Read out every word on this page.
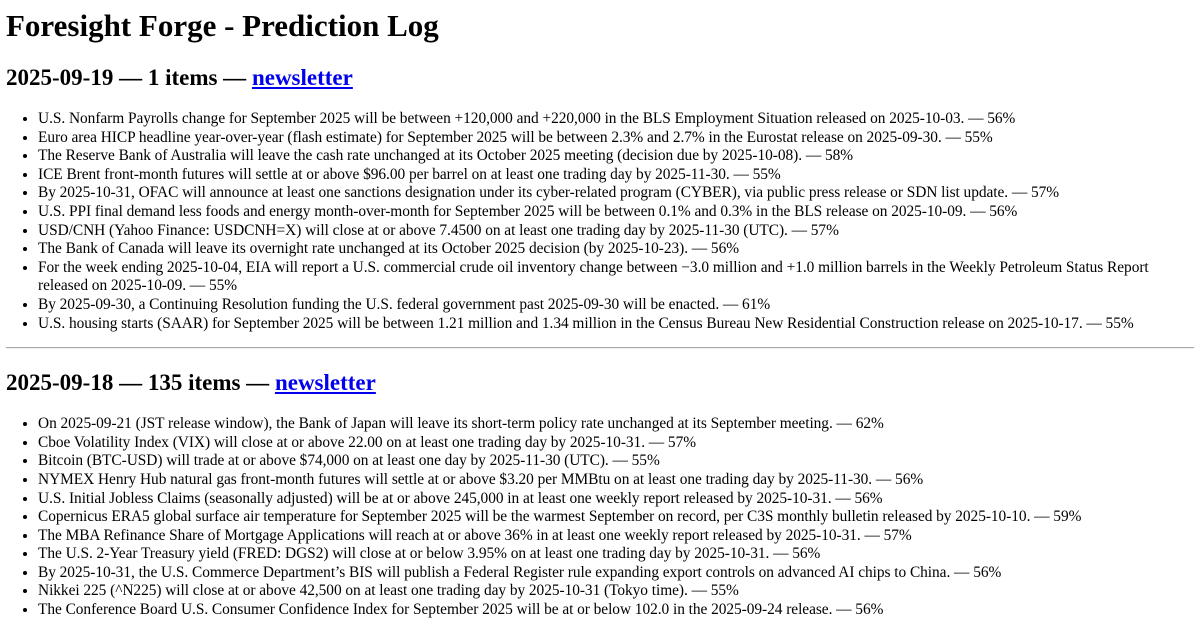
Foresight Forge - Prediction Log
2025-09-19 — 1 items — newsletter
• U.S. Nonfarm Payrolls change for September 2025 will be between +120,000 and +220,000 in the BLS Employment Situation released on 2025-10-03. — 56%
• Euro area HICP headline year-over-year (flash estimate) for September 2025 will be between 2.3% and 2.7% in the Eurostat release on 2025-09-30. — 55%
• The Reserve Bank of Australia will leave the cash rate unchanged at its October 2025 meeting (decision due by 2025-10-08). — 58%
• ICE Brent front-month futures will settle at or above $96.00 per barrel on at least one trading day by 2025-11-30. — 55%
• By 2025-10-31, OFAC will announce at least one sanctions designation under its cyber-related program (CYBER), via public press release or SDN list update. — 57%
• U.S. PPI final demand less foods and energy month-over-month for September 2025 will be between 0.1% and 0.3% in the BLS release on 2025-10-09. — 56%
• USD/CNH (Yahoo Finance: USDCNH=X) will close at or above 7.4500 on at least one trading day by 2025-11-30 (UTC). — 57%
• The Bank of Canada will leave its overnight rate unchanged at its October 2025 decision (by 2025-10-23). — 56%
• For the week ending 2025-10-04, EIA will report a U.S. commercial crude oil inventory change between −3.0 million and +1.0 million barrels in the Weekly Petroleum Status Report released on 2025-10-09. — 55%
• By 2025-09-30, a Continuing Resolution funding the U.S. federal government past 2025-09-30 will be enacted. — 61%
• U.S. housing starts (SAAR) for September 2025 will be between 1.21 million and 1.34 million in the Census Bureau New Residential Construction release on 2025-10-17. — 55%
2025-09-18 — 135 items — newsletter
• On 2025-09-21 (JST release window), the Bank of Japan will leave its short-term policy rate unchanged at its September meeting. — 62%
• Cboe Volatility Index (VIX) will close at or above 22.00 on at least one trading day by 2025-10-31. — 57%
• Bitcoin (BTC-USD) will trade at or above $74,000 on at least one day by 2025-11-30 (UTC). — 55%
• NYMEX Henry Hub natural gas front-month futures will settle at or above $3.20 per MMBtu on at least one trading day by 2025-11-30. — 56%
• U.S. Initial Jobless Claims (seasonally adjusted) will be at or above 245,000 in at least one weekly report released by 2025-10-31. — 56%
• Copernicus ERA5 global surface air temperature for September 2025 will be the warmest September on record, per C3S monthly bulletin released by 2025-10-10. — 59%
• The MBA Refinance Share of Mortgage Applications will reach at or above 36% in at least one weekly report released by 2025-10-31. — 57%
• The U.S. 2-Year Treasury yield (FRED: DGS2) will close at or below 3.95% on at least one trading day by 2025-10-31. — 56%
• By 2025-10-31, the U.S. Commerce Department’s BIS will publish a Federal Register rule expanding export controls on advanced AI chips to China. — 56%
• Nikkei 225 (^N225) will close at or above 42,500 on at least one trading day by 2025-10-31 (Tokyo time). — 55%
• The Conference Board U.S. Consumer Confidence Index for September 2025 will be at or below 102.0 in the 2025-09-24 release. — 56%
